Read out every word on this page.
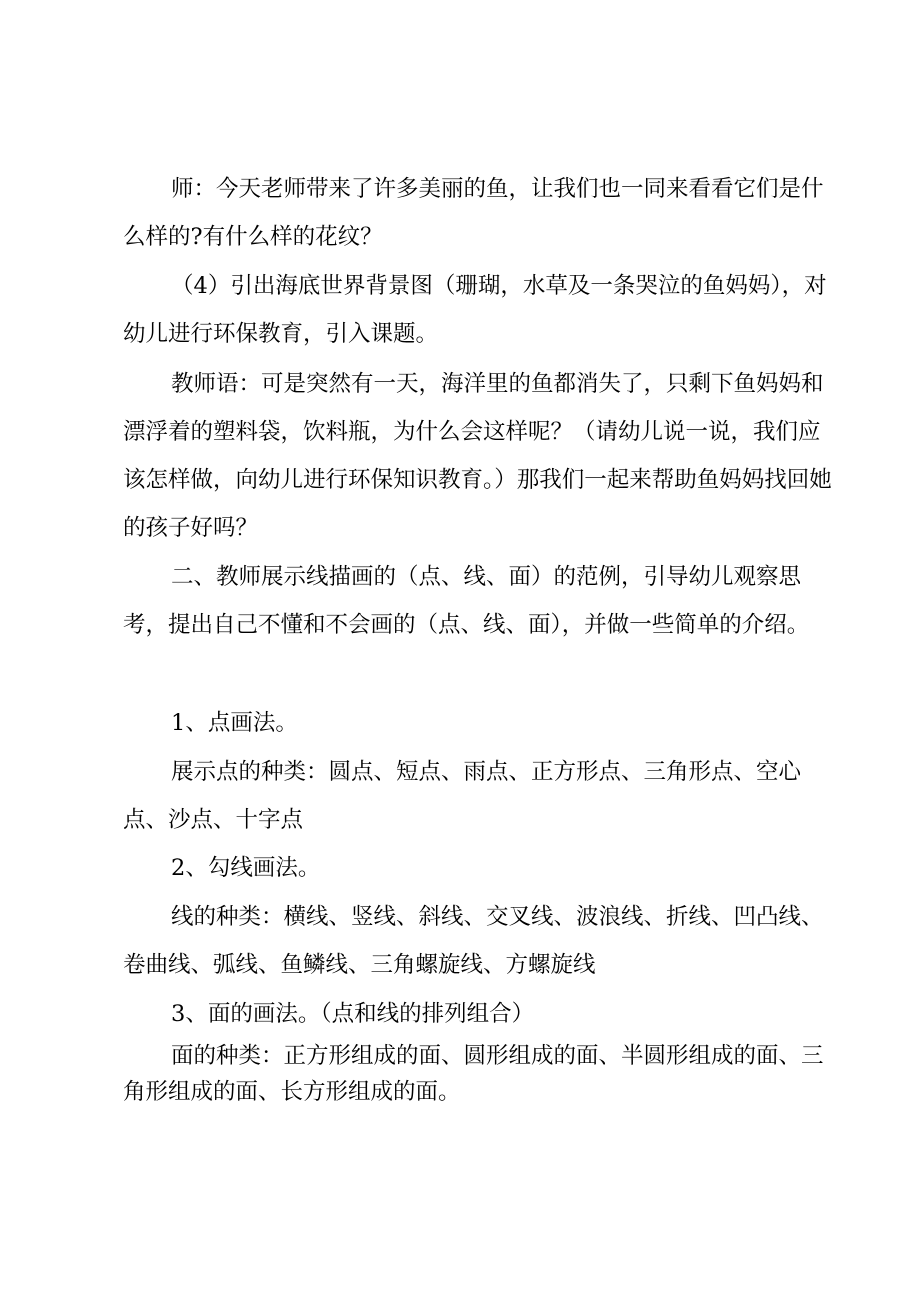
师：今天老师带来了许多美丽的鱼，让我们也一同来看看它们是什么样的?有什么样的花纹？

（4）引出海底世界背景图（珊瑚，水草及一条哭泣的鱼妈妈），对幼儿进行环保教育，引入课题。

教师语：可是突然有一天，海洋里的鱼都消失了，只剩下鱼妈妈和漂浮着的塑料袋，饮料瓶，为什么会这样呢？（请幼儿说一说，我们应该怎样做，向幼儿进行环保知识教育。）那我们一起来帮助鱼妈妈找回她的孩子好吗？

二、教师展示线描画的（点、线、面）的范例，引导幼儿观察思考，提出自己不懂和不会画的（点、线、面），并做一些简单的介绍。

1、点画法。

展示点的种类：圆点、短点、雨点、正方形点、三角形点、空心点、沙点、十字点

2、勾线画法。

线的种类：横线、竖线、斜线、交叉线、波浪线、折线、凹凸线、卷曲线、弧线、鱼鳞线、三角螺旋线、方螺旋线

3、面的画法。（点和线的排列组合）

面的种类：正方形组成的面、圆形组成的面、半圆形组成的面、三角形组成的面、长方形组成的面。
